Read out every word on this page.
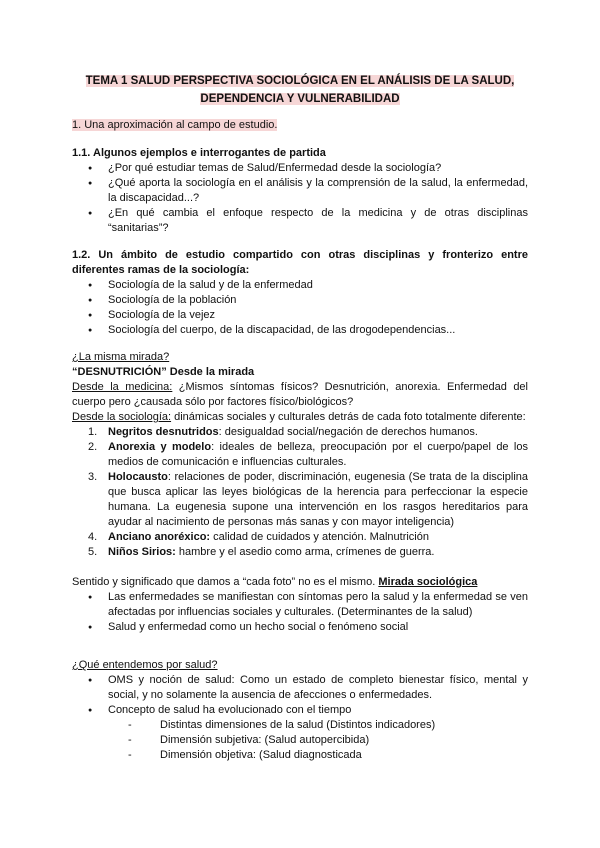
TEMA 1 SALUD PERSPECTIVA SOCIOLÓGICA EN EL ANÁLISIS DE LA SALUD,
DEPENDENCIA Y VULNERABILIDAD
1. Una aproximación al campo de estudio.
1.1. Algunos ejemplos e interrogantes de partida
● ¿Por qué estudiar temas de Salud/Enfermedad desde la sociología?
● ¿Qué aporta la sociología en el análisis y la comprensión de la salud, la enfermedad, la discapacidad...?
● ¿En qué cambia el enfoque respecto de la medicina y de otras disciplinas “sanitarias”?
1.2. Un ámbito de estudio compartido con otras disciplinas y fronterizo entre diferentes ramas de la sociología:
● Sociología de la salud y de la enfermedad
● Sociología de la población
● Sociología de la vejez
● Sociología del cuerpo, de la discapacidad, de las drogodependencias...
¿La misma mirada?
“DESNUTRICIÓN” Desde la mirada
Desde la medicina: ¿Mismos síntomas físicos? Desnutrición, anorexia. Enfermedad del cuerpo pero ¿causada sólo por factores físico/biológicos?
Desde la sociología: dinámicas sociales y culturales detrás de cada foto totalmente diferente:
1. Negritos desnutridos: desigualdad social/negación de derechos humanos.
2. Anorexia y modelo: ideales de belleza, preocupación por el cuerpo/papel de los medios de comunicación e influencias culturales.
3. Holocausto: relaciones de poder, discriminación, eugenesia (Se trata de la disciplina que busca aplicar las leyes biológicas de la herencia para perfeccionar la especie humana. La eugenesia supone una intervención en los rasgos hereditarios para ayudar al nacimiento de personas más sanas y con mayor inteligencia)
4. Anciano anoréxico: calidad de cuidados y atención. Malnutrición
5. Niños Sirios: hambre y el asedio como arma, crímenes de guerra.
Sentido y significado que damos a “cada foto” no es el mismo. Mirada sociológica
● Las enfermedades se manifiestan con síntomas pero la salud y la enfermedad se ven afectadas por influencias sociales y culturales. (Determinantes de la salud)
● Salud y enfermedad como un hecho social o fenómeno social
¿Qué entendemos por salud?
● OMS y noción de salud: Como un estado de completo bienestar físico, mental y social, y no solamente la ausencia de afecciones o enfermedades.
● Concepto de salud ha evolucionado con el tiempo
- Distintas dimensiones de la salud (Distintos indicadores)
- Dimensión subjetiva: (Salud autopercibida)
- Dimensión objetiva: (Salud diagnosticada
